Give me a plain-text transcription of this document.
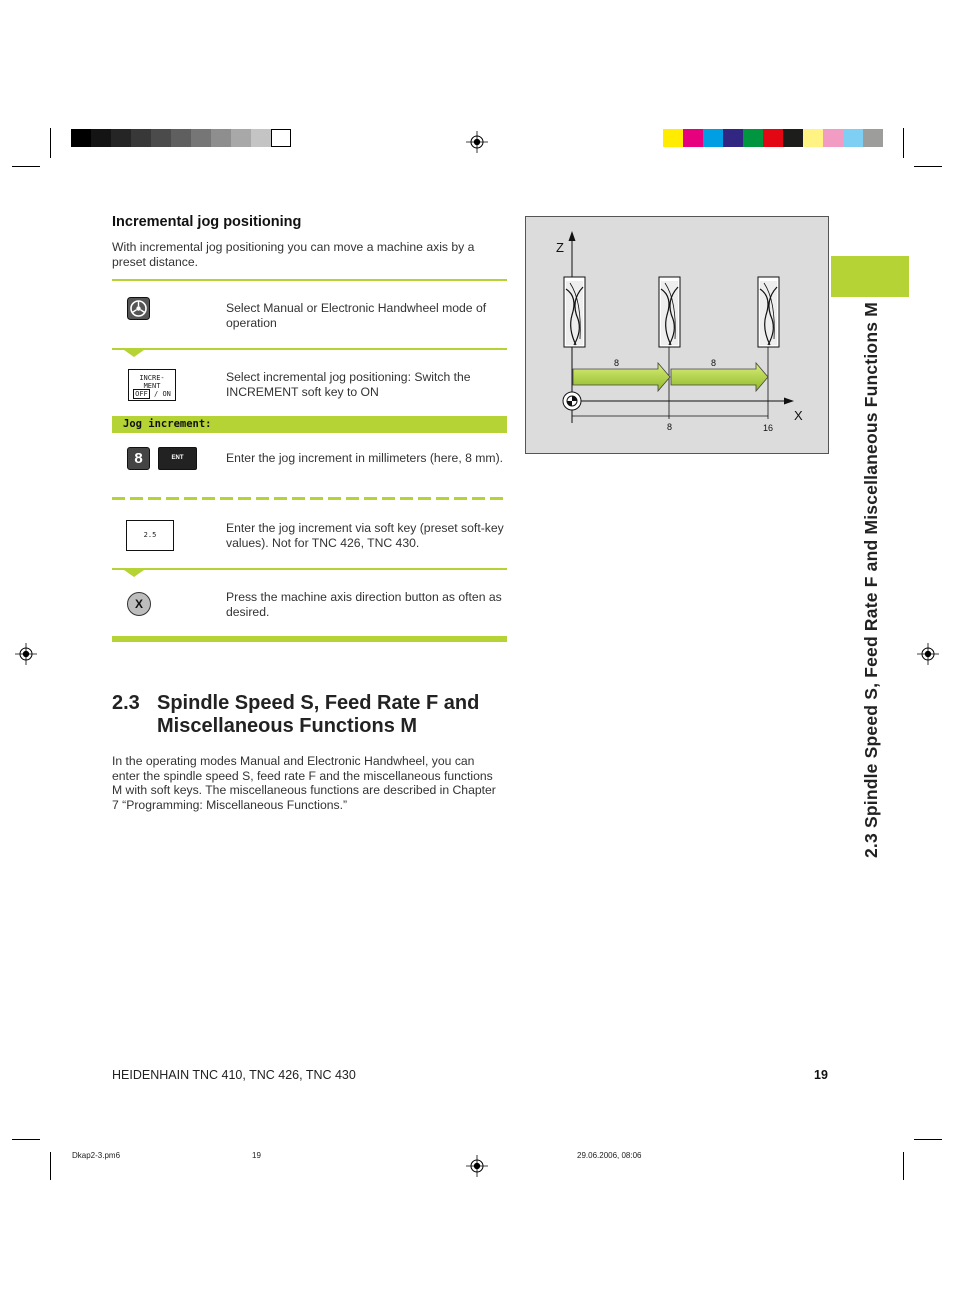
Incremental jog positioning
With incremental jog positioning you can move a machine axis by a preset distance.
Select Manual or Electronic Handwheel mode of operation
INCRE-
MENT
OFF / ON
Select incremental jog positioning: Switch the INCREMENT soft key to ON
Jog increment:
8	ENT	Enter the jog increment in millimeters (here, 8 mm).
2.5	Enter the jog increment via soft key (preset soft-key values). Not for TNC 426, TNC 430.
X	Press the machine axis direction button as often as desired.
2.3 Spindle Speed S, Feed Rate F and
Miscellaneous Functions M
In the operating modes Manual and Electronic Handwheel, you can enter the spindle speed S, feed rate F and the miscellaneous functions M with soft keys. The miscellaneous functions are described in Chapter 7 “Programming: Miscellaneous Functions.”
Z
X
8	8
8	16	2.3 Spindle Speed S, Feed Rate F and Miscellaneous Functions M
HEIDENHAIN TNC 410, TNC 426, TNC 430	19
Dkap2-3.pm6	19	29.06.2006, 08:06
